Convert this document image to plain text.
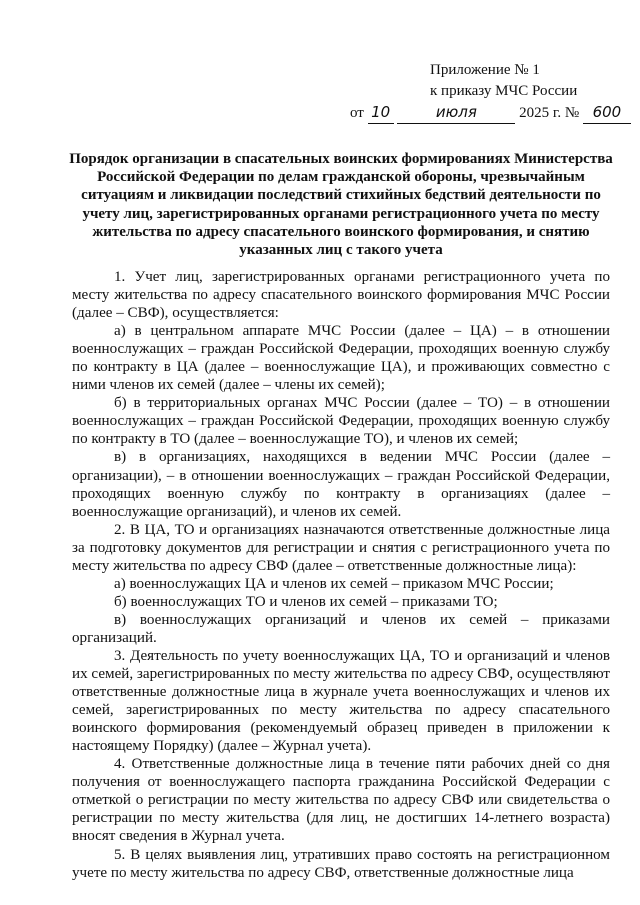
Приложение № 1
к приказу МЧС России
от 10	июля	2025 г. № 600
Порядок организации в спасательных воинских формированиях Министерства Российской Федерации по делам гражданской обороны, чрезвычайным ситуациям и ликвидации последствий стихийных бедствий деятельности по учету лиц, зарегистрированных органами регистрационного учета по месту жительства по адресу спасательного воинского формирования, и снятию указанных лиц с такого учета

1. Учет лиц, зарегистрированных органами регистрационного учета по месту жительства по адресу спасательного воинского формирования МЧС России (далее – СВФ), осуществляется:

а) в центральном аппарате МЧС России (далее – ЦА) – в отношении военнослужащих – граждан Российской Федерации, проходящих военную службу по контракту в ЦА (далее – военнослужащие ЦА), и проживающих совместно с ними членов их семей (далее – члены их семей);

б) в территориальных органах МЧС России (далее – ТО) – в отношении военнослужащих – граждан Российской Федерации, проходящих военную службу по контракту в ТО (далее – военнослужащие ТО), и членов их семей;

в) в организациях, находящихся в ведении МЧС России (далее – организации), – в отношении военнослужащих – граждан Российской Федерации, проходящих военную службу по контракту в организациях (далее – военнослужащие организаций), и членов их семей.

2. В ЦА, ТО и организациях назначаются ответственные должностные лица за подготовку документов для регистрации и снятия с регистрационного учета по месту жительства по адресу СВФ (далее – ответственные должностные лица):

а) военнослужащих ЦА и членов их семей – приказом МЧС России;

б) военнослужащих ТО и членов их семей – приказами ТО;

в) военнослужащих организаций и членов их семей – приказами организаций.

3. Деятельность по учету военнослужащих ЦА, ТО и организаций и членов их семей, зарегистрированных по месту жительства по адресу СВФ, осуществляют ответственные должностные лица в журнале учета военнослужащих и членов их семей, зарегистрированных по месту жительства по адресу спасательного воинского формирования (рекомендуемый образец приведен в приложении к настоящему Порядку) (далее – Журнал учета).

4. Ответственные должностные лица в течение пяти рабочих дней со дня получения от военнослужащего паспорта гражданина Российской Федерации с отметкой о регистрации по месту жительства по адресу СВФ или свидетельства о регистрации по месту жительства (для лиц, не достигших 14-летнего возраста) вносят сведения в Журнал учета.

5. В целях выявления лиц, утративших право состоять на регистрационном учете по месту жительства по адресу СВФ, ответственные должностные лица
